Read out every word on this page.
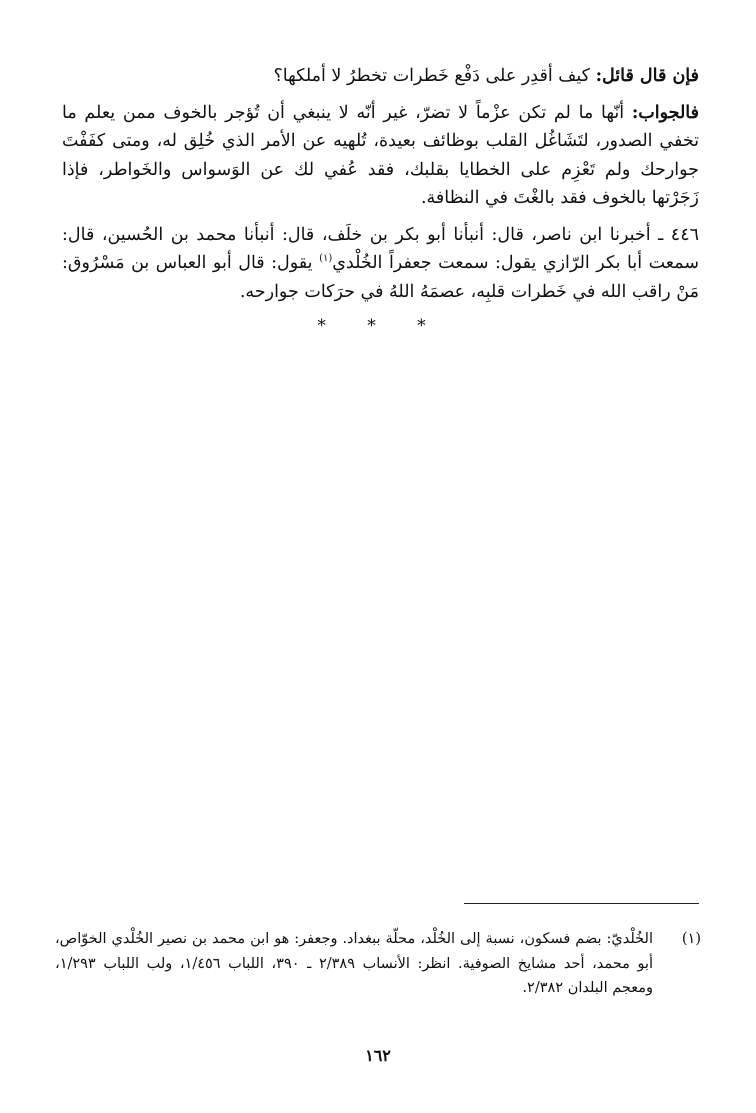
فإن قال قائل: كيف أقدِر على دَفْع خَطرات تخطرُ لا أملكها؟

فالجواب: أنّها ما لم تكن عزْماً لا تضرّ، غير أنّه لا ينبغي أن تُؤجر بالخوف ممن يعلم ما تخفي الصدور، لتَشَاغُل القلب بوظائف بعيدة، تُلهيه عن الأمر الذي خُلِق له، ومتى كفَفْتَ جوارحك ولم تَعْزِم على الخطايا بقلبك، فقد عُفي لك عن الوَسواس والخَواطر، فإذا زَجَرْتها بالخوف فقد بالغْتَ في النظافة.

٤٤٦ ـ أخبرنا ابن ناصر، قال: أنبأنا أبو بكر بن خلَف، قال: أنبأنا محمد بن الحُسين، قال: سمعت أبا بكر الرّازي يقول: سمعت جعفراً الخُلْدي$^{(١)}$ يقول: قال أبو العباس بن مَسْرُوق: مَنْ راقب الله في خَطرات قلبِه، عصمَهُ اللهُ في حرَكات جوارحه.

* * *
(١)
الخُلْديّ: بضم فسكون، نسبة إلى الخُلْد، محلّة ببغداد. وجعفر: هو ابن محمد بن نصير الخُلْدي الخوّاص، أبو محمد، أحد مشايخ الصوفية. انظر: الأنساب ٢/٣٨٩ ـ ٣٩٠، اللباب ١/٤٥٦، ولب اللباب ١/٢٩٣، ومعجم البلدان ٢/٣٨٢.
١٦٢
